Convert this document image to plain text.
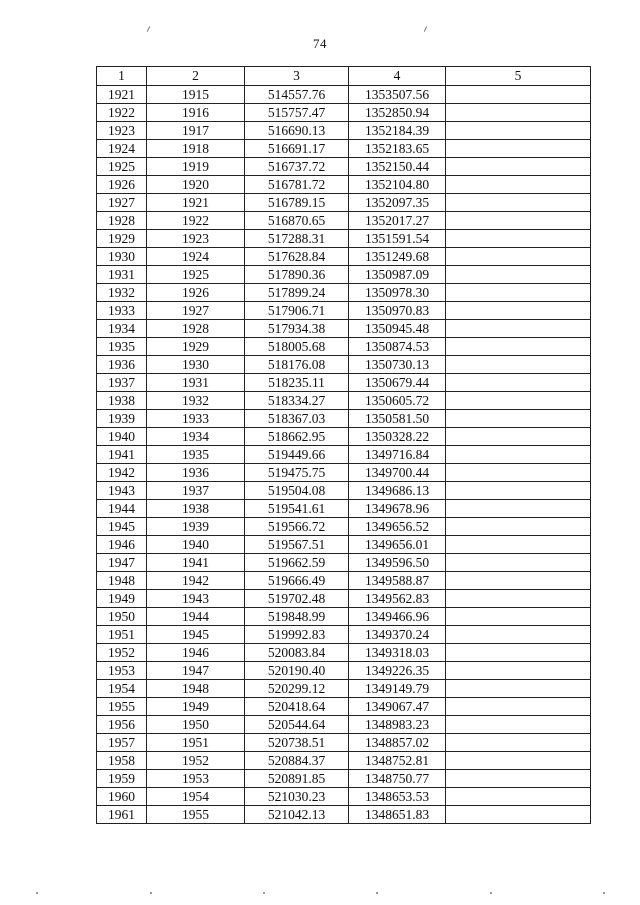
74
1	2	3	4	5
1921	1915	514557.76	1353507.56	
1922	1916	515757.47	1352850.94	
1923	1917	516690.13	1352184.39	
1924	1918	516691.17	1352183.65	
1925	1919	516737.72	1352150.44	
1926	1920	516781.72	1352104.80	
1927	1921	516789.15	1352097.35	
1928	1922	516870.65	1352017.27	
1929	1923	517288.31	1351591.54	
1930	1924	517628.84	1351249.68	
1931	1925	517890.36	1350987.09	
1932	1926	517899.24	1350978.30	
1933	1927	517906.71	1350970.83	
1934	1928	517934.38	1350945.48	
1935	1929	518005.68	1350874.53	
1936	1930	518176.08	1350730.13	
1937	1931	518235.11	1350679.44	
1938	1932	518334.27	1350605.72	
1939	1933	518367.03	1350581.50	
1940	1934	518662.95	1350328.22	
1941	1935	519449.66	1349716.84	
1942	1936	519475.75	1349700.44	
1943	1937	519504.08	1349686.13	
1944	1938	519541.61	1349678.96	
1945	1939	519566.72	1349656.52	
1946	1940	519567.51	1349656.01	
1947	1941	519662.59	1349596.50	
1948	1942	519666.49	1349588.87	
1949	1943	519702.48	1349562.83	
1950	1944	519848.99	1349466.96	
1951	1945	519992.83	1349370.24	
1952	1946	520083.84	1349318.03	
1953	1947	520190.40	1349226.35	
1954	1948	520299.12	1349149.79	
1955	1949	520418.64	1349067.47	
1956	1950	520544.64	1348983.23	
1957	1951	520738.51	1348857.02	
1958	1952	520884.37	1348752.81	
1959	1953	520891.85	1348750.77	
1960	1954	521030.23	1348653.53	
1961	1955	521042.13	1348651.83	
